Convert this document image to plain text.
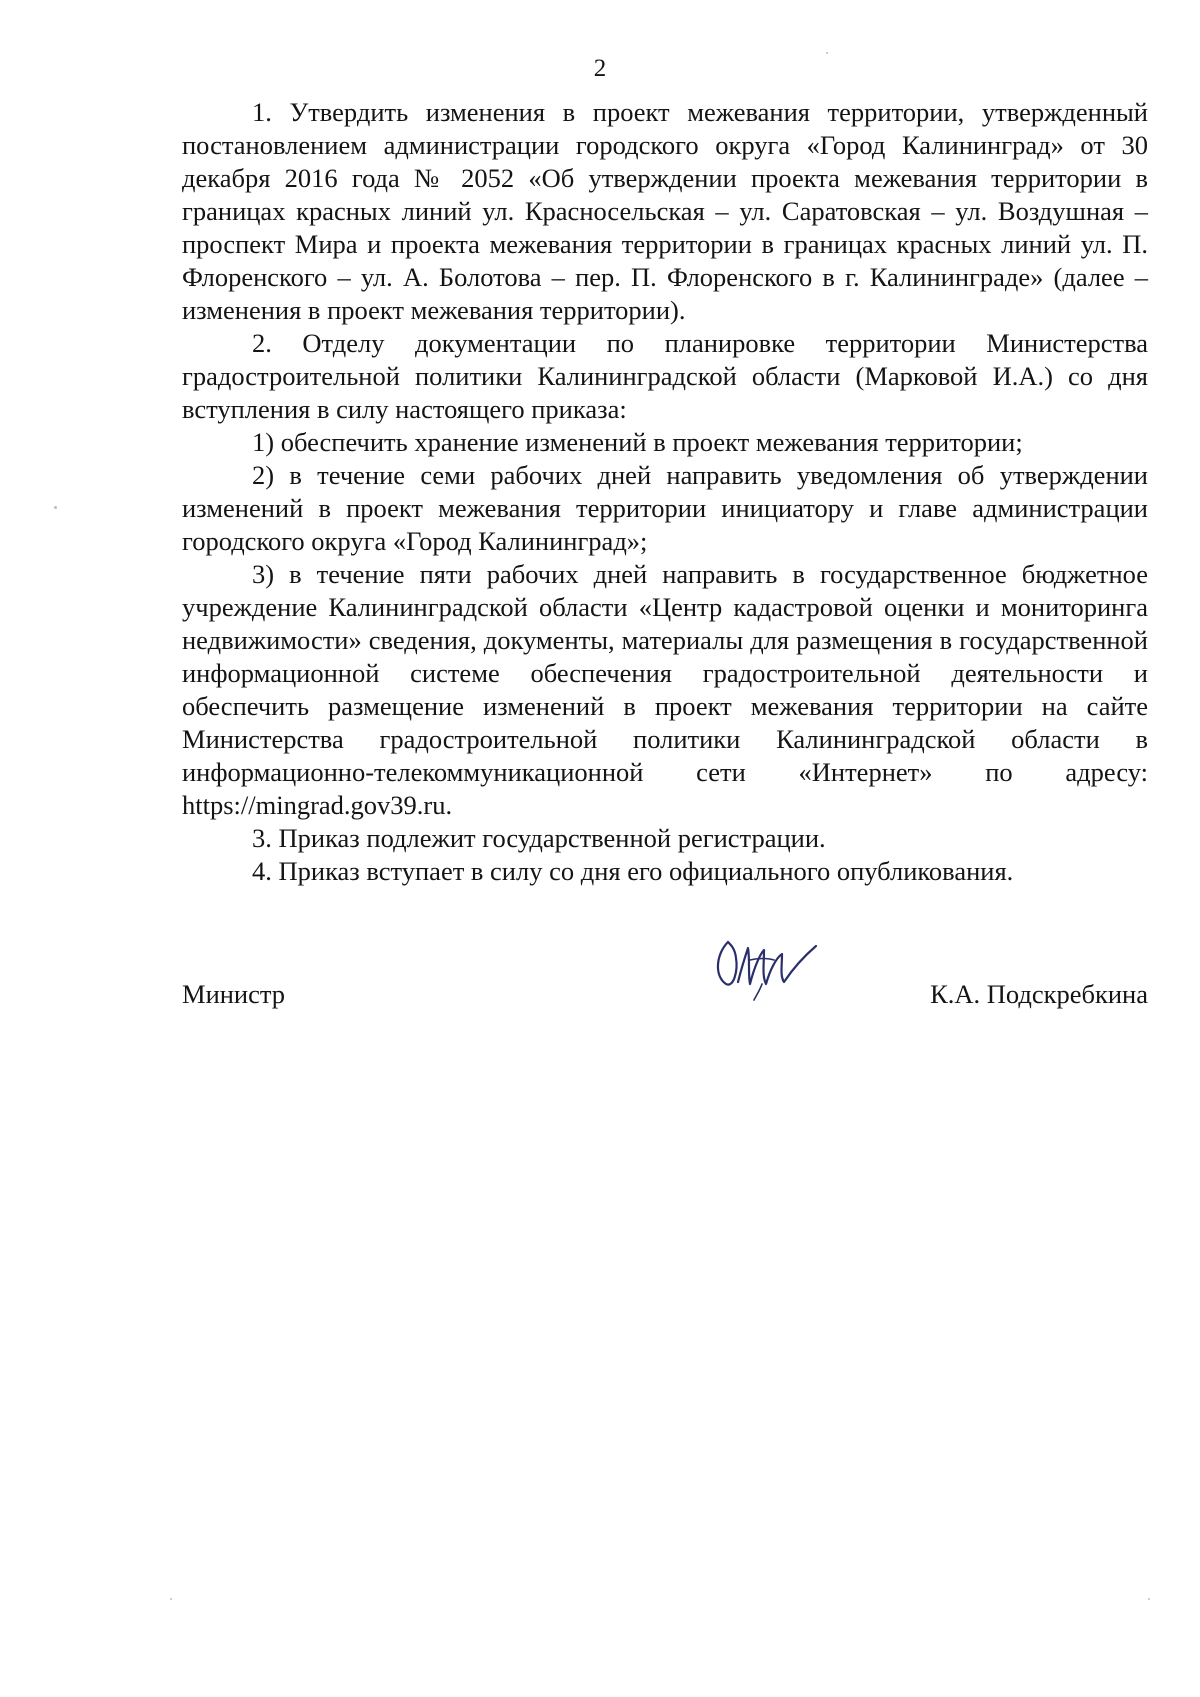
2

1. Утвердить изменения в проект межевания территории, утвержденный постановлением администрации городского округа «Город Калининград» от 30 декабря 2016 года № 2052 «Об утверждении проекта межевания территории в границах красных линий ул. Красносельская – ул. Саратовская – ул. Воздушная – проспект Мира и проекта межевания территории в границах красных линий ул. П. Флоренского – ул. А. Болотова – пер. П. Флоренского в г. Калининграде» (далее – изменения в проект межевания территории).

2. Отделу документации по планировке территории Министерства градостроительной политики Калининградской области (Марковой И.А.) со дня вступления в силу настоящего приказа:

1) обеспечить хранение изменений в проект межевания территории;

2) в течение семи рабочих дней направить уведомления об утверждении изменений в проект межевания территории инициатору и главе администрации городского округа «Город Калининград»;

3) в течение пяти рабочих дней направить в государственное бюджетное учреждение Калининградской области «Центр кадастровой оценки и мониторинга недвижимости» сведения, документы, материалы для размещения в государственной информационной системе обеспечения градостроительной деятельности и обеспечить размещение изменений в проект межевания территории на сайте Министерства градостроительной политики Калининградской области в информационно-телекоммуникационной сети «Интернет» по адресу: https://mingrad.gov39.ru.

3. Приказ подлежит государственной регистрации.

4. Приказ вступает в силу со дня его официального опубликования.

Министр	К.А. Подскребкина
